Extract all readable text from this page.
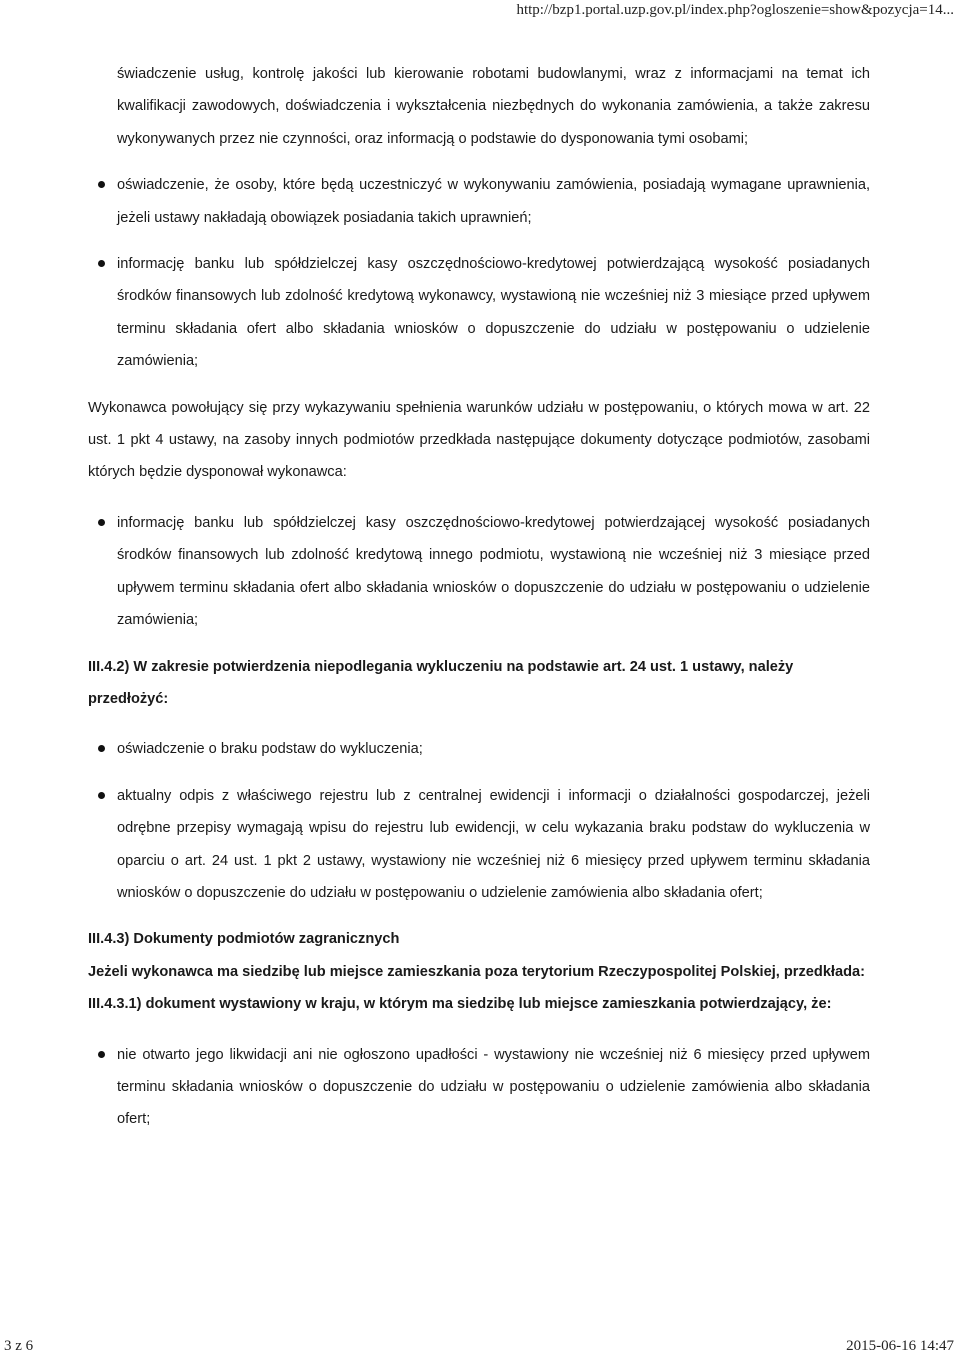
http://bzp1.portal.uzp.gov.pl/index.php?ogloszenie=show&pozycja=14...

świadczenie usług, kontrolę jakości lub kierowanie robotami budowlanymi, wraz z informacjami na temat ich kwalifikacji zawodowych, doświadczenia i wykształcenia niezbędnych do wykonania zamówienia, a także zakresu wykonywanych przez nie czynności, oraz informacją o podstawie do dysponowania tymi osobami;

oświadczenie, że osoby, które będą uczestniczyć w wykonywaniu zamówienia, posiadają wymagane uprawnienia, jeżeli ustawy nakładają obowiązek posiadania takich uprawnień;
informację banku lub spółdzielczej kasy oszczędnościowo-kredytowej potwierdzającą wysokość posiadanych środków finansowych lub zdolność kredytową wykonawcy, wystawioną nie wcześniej niż 3 miesiące przed upływem terminu składania ofert albo składania wniosków o dopuszczenie do udziału w postępowaniu o udzielenie zamówienia;

Wykonawca powołujący się przy wykazywaniu spełnienia warunków udziału w postępowaniu, o których mowa w art. 22 ust. 1 pkt 4 ustawy, na zasoby innych podmiotów przedkłada następujące dokumenty dotyczące podmiotów, zasobami których będzie dysponował wykonawca:

informację banku lub spółdzielczej kasy oszczędnościowo-kredytowej potwierdzającej wysokość posiadanych środków finansowych lub zdolność kredytową innego podmiotu, wystawioną nie wcześniej niż 3 miesiące przed upływem terminu składania ofert albo składania wniosków o dopuszczenie do udziału w postępowaniu o udzielenie zamówienia;

III.4.2) W zakresie potwierdzenia niepodlegania wykluczeniu na podstawie art. 24 ust. 1 ustawy, należy przedłożyć:

oświadczenie o braku podstaw do wykluczenia;
aktualny odpis z właściwego rejestru lub z centralnej ewidencji i informacji o działalności gospodarczej, jeżeli odrębne przepisy wymagają wpisu do rejestru lub ewidencji, w celu wykazania braku podstaw do wykluczenia w oparciu o art. 24 ust. 1 pkt 2 ustawy, wystawiony nie wcześniej niż 6 miesięcy przed upływem terminu składania wniosków o dopuszczenie do udziału w postępowaniu o udzielenie zamówienia albo składania ofert;

III.4.3) Dokumenty podmiotów zagranicznych

Jeżeli wykonawca ma siedzibę lub miejsce zamieszkania poza terytorium Rzeczypospolitej Polskiej, przedkłada:

III.4.3.1) dokument wystawiony w kraju, w którym ma siedzibę lub miejsce zamieszkania potwierdzający, że:

nie otwarto jego likwidacji ani nie ogłoszono upadłości - wystawiony nie wcześniej niż 6 miesięcy przed upływem terminu składania wniosków o dopuszczenie do udziału w postępowaniu o udzielenie zamówienia albo składania ofert;
3 z 6	2015-06-16 14:47
